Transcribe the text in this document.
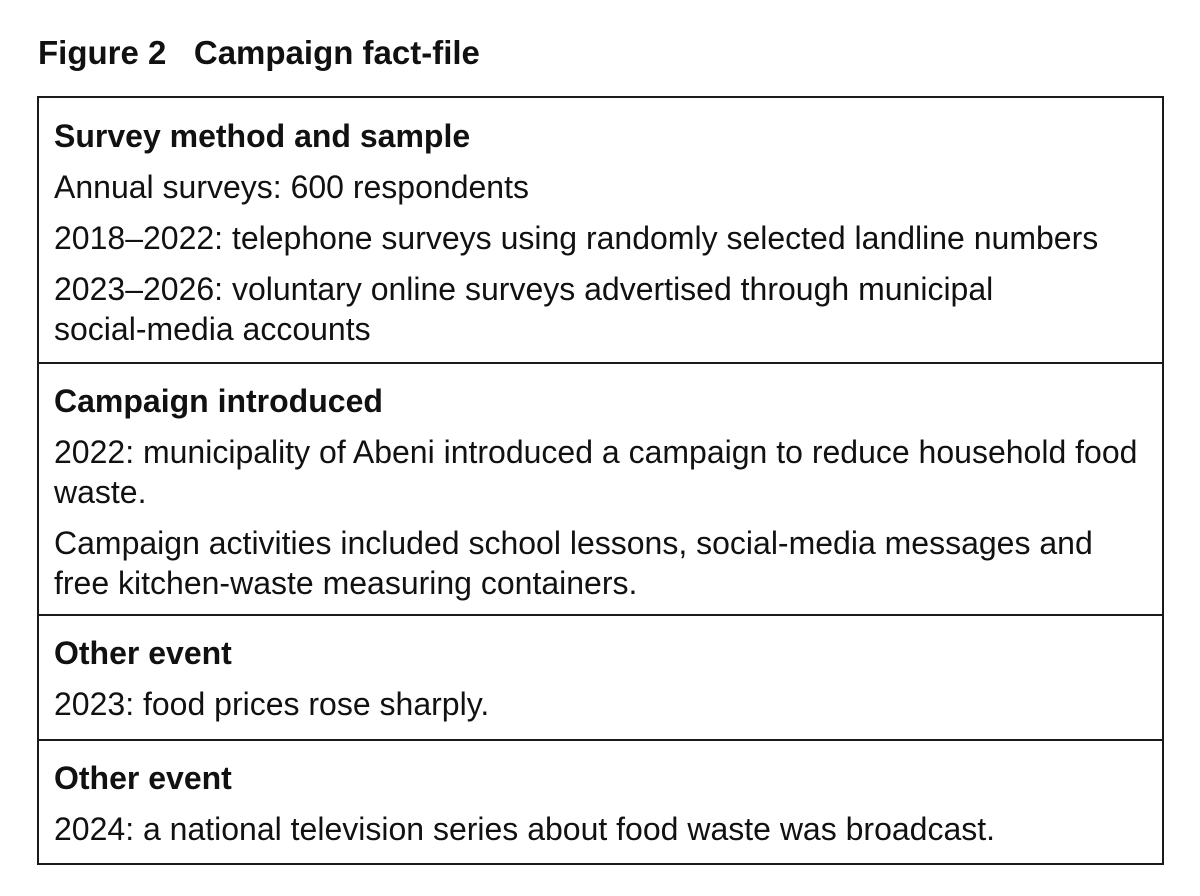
Figure 2   Campaign fact-file

Survey method and sample

Annual surveys: 600 respondents

2018–2022: telephone surveys using randomly selected landline numbers

2023–2026: voluntary online surveys advertised through municipal social-media accounts

Campaign introduced

2022: municipality of Abeni introduced a campaign to reduce household food waste.

Campaign activities included school lessons, social-media messages and free kitchen-waste measuring containers.

Other event

2023: food prices rose sharply.

Other event

2024: a national television series about food waste was broadcast.
